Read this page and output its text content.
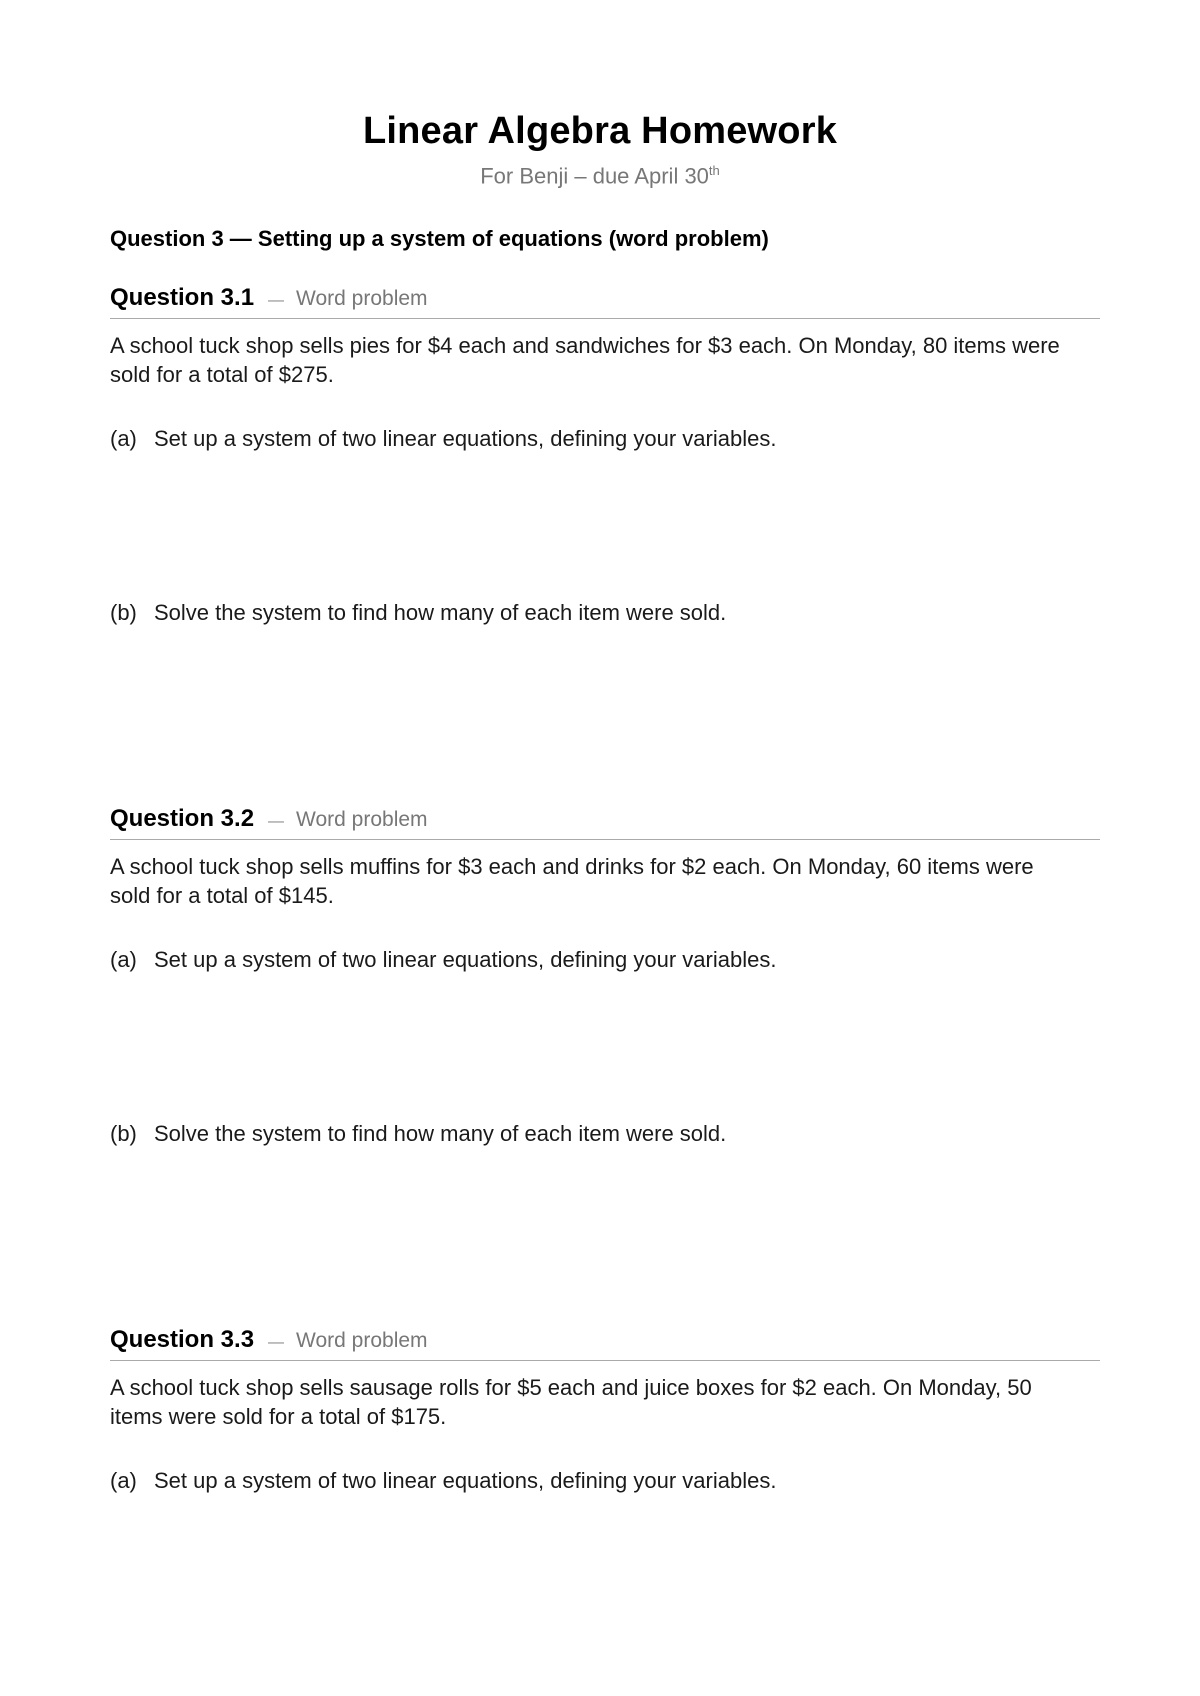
Linear Algebra Homework
For Benji – due April 30th
Question 3 — Setting up a system of equations (word problem)
Question 3.1 — Word problem
A school tuck shop sells pies for $4 each and sandwiches for $3 each. On Monday, 80 items were sold for a total of $275.
(a) Set up a system of two linear equations, defining your variables.
(b) Solve the system to find how many of each item were sold.
Question 3.2 — Word problem
A school tuck shop sells muffins for $3 each and drinks for $2 each. On Monday, 60 items were sold for a total of $145.
(a) Set up a system of two linear equations, defining your variables.
(b) Solve the system to find how many of each item were sold.
Question 3.3 — Word problem
A school tuck shop sells sausage rolls for $5 each and juice boxes for $2 each. On Monday, 50 items were sold for a total of $175.
(a) Set up a system of two linear equations, defining your variables.
